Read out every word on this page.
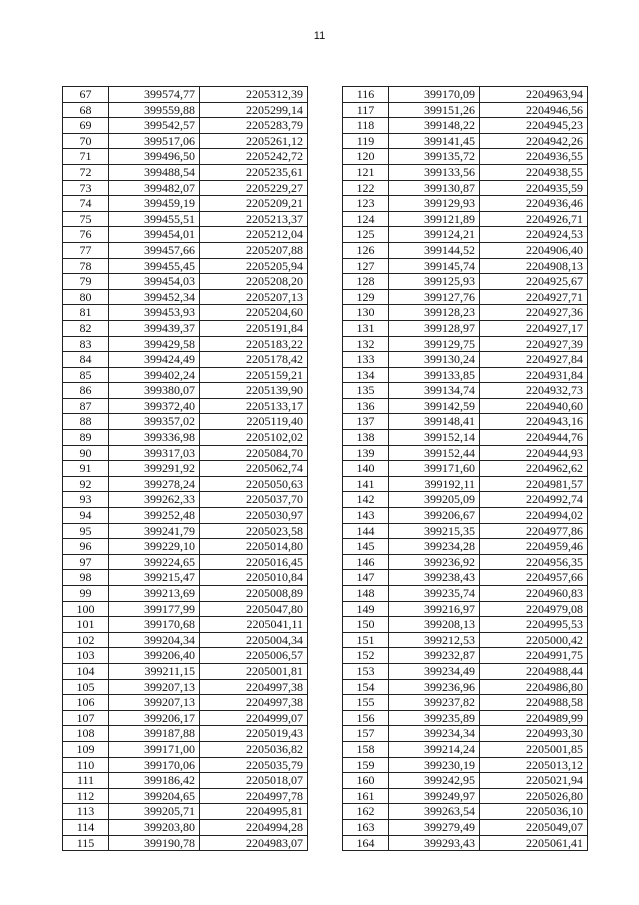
11
67	399574,77	2205312,39
68	399559,88	2205299,14
69	399542,57	2205283,79
70	399517,06	2205261,12
71	399496,50	2205242,72
72	399488,54	2205235,61
73	399482,07	2205229,27
74	399459,19	2205209,21
75	399455,51	2205213,37
76	399454,01	2205212,04
77	399457,66	2205207,88
78	399455,45	2205205,94
79	399454,03	2205208,20
80	399452,34	2205207,13
81	399453,93	2205204,60
82	399439,37	2205191,84
83	399429,58	2205183,22
84	399424,49	2205178,42
85	399402,24	2205159,21
86	399380,07	2205139,90
87	399372,40	2205133,17
88	399357,02	2205119,40
89	399336,98	2205102,02
90	399317,03	2205084,70
91	399291,92	2205062,74
92	399278,24	2205050,63
93	399262,33	2205037,70
94	399252,48	2205030,97
95	399241,79	2205023,58
96	399229,10	2205014,80
97	399224,65	2205016,45
98	399215,47	2205010,84
99	399213,69	2205008,89
100	399177,99	2205047,80
101	399170,68	2205041,11
102	399204,34	2205004,34
103	399206,40	2205006,57
104	399211,15	2205001,81
105	399207,13	2204997,38
106	399207,13	2204997,38
107	399206,17	2204999,07
108	399187,88	2205019,43
109	399171,00	2205036,82
110	399170,06	2205035,79
111	399186,42	2205018,07
112	399204,65	2204997,78
113	399205,71	2204995,81
114	399203,80	2204994,28
115	399190,78	2204983,07
116	399170,09	2204963,94
117	399151,26	2204946,56
118	399148,22	2204945,23
119	399141,45	2204942,26
120	399135,72	2204936,55
121	399133,56	2204938,55
122	399130,87	2204935,59
123	399129,93	2204936,46
124	399121,89	2204926,71
125	399124,21	2204924,53
126	399144,52	2204906,40
127	399145,74	2204908,13
128	399125,93	2204925,67
129	399127,76	2204927,71
130	399128,23	2204927,36
131	399128,97	2204927,17
132	399129,75	2204927,39
133	399130,24	2204927,84
134	399133,85	2204931,84
135	399134,74	2204932,73
136	399142,59	2204940,60
137	399148,41	2204943,16
138	399152,14	2204944,76
139	399152,44	2204944,93
140	399171,60	2204962,62
141	399192,11	2204981,57
142	399205,09	2204992,74
143	399206,67	2204994,02
144	399215,35	2204977,86
145	399234,28	2204959,46
146	399236,92	2204956,35
147	399238,43	2204957,66
148	399235,74	2204960,83
149	399216,97	2204979,08
150	399208,13	2204995,53
151	399212,53	2205000,42
152	399232,87	2204991,75
153	399234,49	2204988,44
154	399236,96	2204986,80
155	399237,82	2204988,58
156	399235,89	2204989,99
157	399234,34	2204993,30
158	399214,24	2205001,85
159	399230,19	2205013,12
160	399242,95	2205021,94
161	399249,97	2205026,80
162	399263,54	2205036,10
163	399279,49	2205049,07
164	399293,43	2205061,41
